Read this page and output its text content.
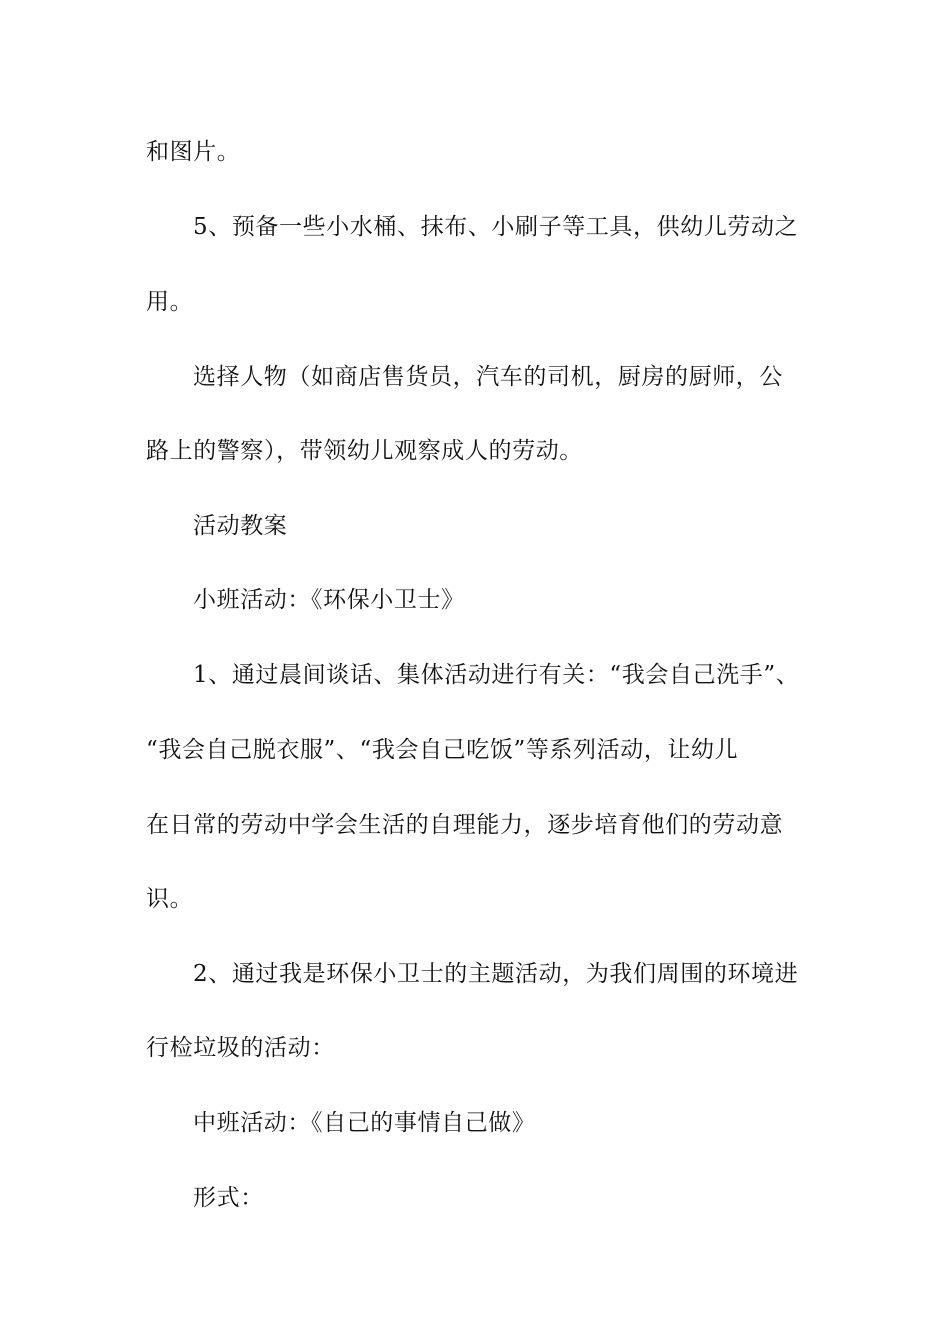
和图片。
5、预备一些小水桶、抹布、小刷子等工具，供幼儿劳动之
用。
选择人物（如商店售货员，汽车的司机，厨房的厨师，公
路上的警察），带领幼儿观察成人的劳动。
活动教案
小班活动：《环保小卫士》
1、通过晨间谈话、集体活动进行有关：“我会自己洗手”、
“我会自己脱衣服”、“我会自己吃饭”等系列活动，让幼儿
在日常的劳动中学会生活的自理能力，逐步培育他们的劳动意
识。
2、通过我是环保小卫士的主题活动，为我们周围的环境进
行检垃圾的活动：
中班活动：《自己的事情自己做》
形式：
